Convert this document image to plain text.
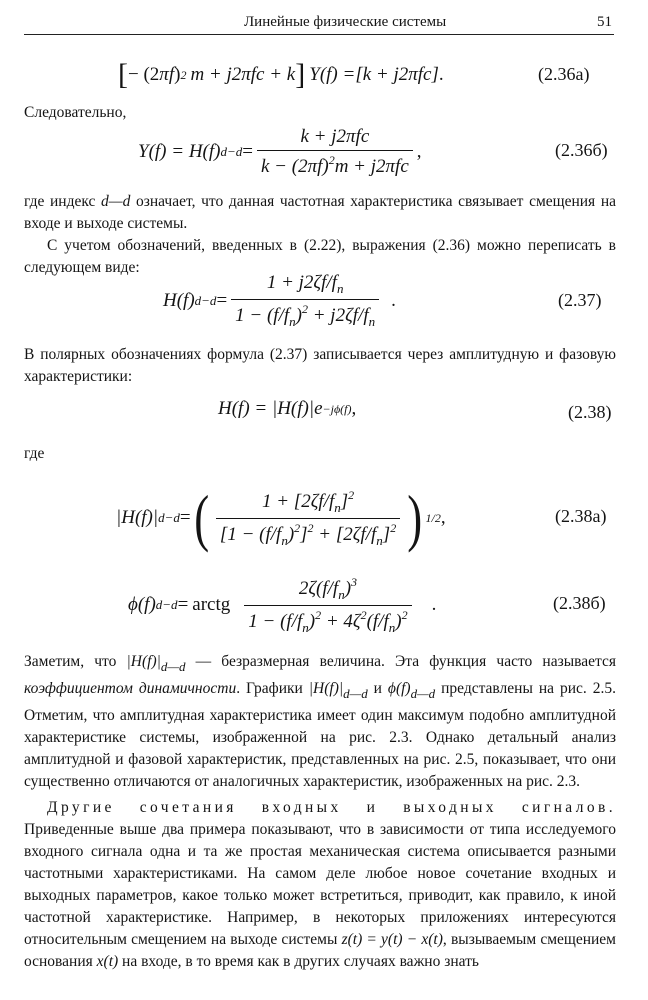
Линейные физические системы	51
[ − (2 π f ) 2 m + j2πfc + k ] Y(f) = [k + j2πfc] .	(2.36а)
Следовательно,
Y(f) = H(f) $d-d = \frac{\text{k + j2πfc}}{k - (2\pi f)^2m + j2\pi fc}$ ,	(2.36б)

где индекс d—d означает, что данная частотная характеристика связывает смещения на входе и выходе системы.

С учетом обозначений, введенных в (2.22), выражения (2.36) можно переписать в следующем виде:

H(f) $d-d = \frac{1 + j2\zeta f/f_n}{1 - (f/f_n)^2 + j2\zeta f/f_n}$ .	(2.37)

В полярных обозначениях формула (2.37) записывается через амплитудную и фазовую характеристики:

H(f) = |H(f)|e −jϕ(f) ,	(2.38)
где
|H(f)| d−d = ( $\frac{1 + [2\zeta f/f_n]^2}{[1 - (f/f_n)^2]^2 + [2\zeta f/f_n]^2}$ ) 1/2 ,	(2.38а)
ϕ(f) d−d = arctg $\frac{2\zeta(f/f_n)^3}{1 - (f/f_n)^2 + 4\zeta^2(f/f_n)^2}$ .	(2.38б)

Заметим, что $|H(f)|_{d—d}$ — безразмерная величина. Эта функция часто называется коэффициентом динамичности. Графики $|H(f)|_{d—d}$ и $\phi(f)_{d—d}$ представлены на рис. 2.5. Отметим, что амплитудная характеристика имеет один максимум подобно амплитудной характеристике системы, изображенной на рис. 2.3. Однако детальный анализ амплитудной и фазовой характеристик, представленных на рис. 2.5, показывает, что они существенно отличаются от аналогичных характеристик, изображенных на рис. 2.3.

Другие сочетания входных и выходных сигналов. Приведенные выше два примера показывают, что в зависимости от типа исследуемого входного сигнала одна и та же простая механическая система описывается разными частотными характеристиками. На самом деле любое новое сочетание входных и выходных параметров, какое только может встретиться, приводит, как правило, к иной частотной характеристике. Например, в некоторых приложениях интересуются относительным смещением на выходе системы z(t) = y(t) − x(t), вызываемым смещением основания x(t) на входе, в то время как в других случаях важно знать
